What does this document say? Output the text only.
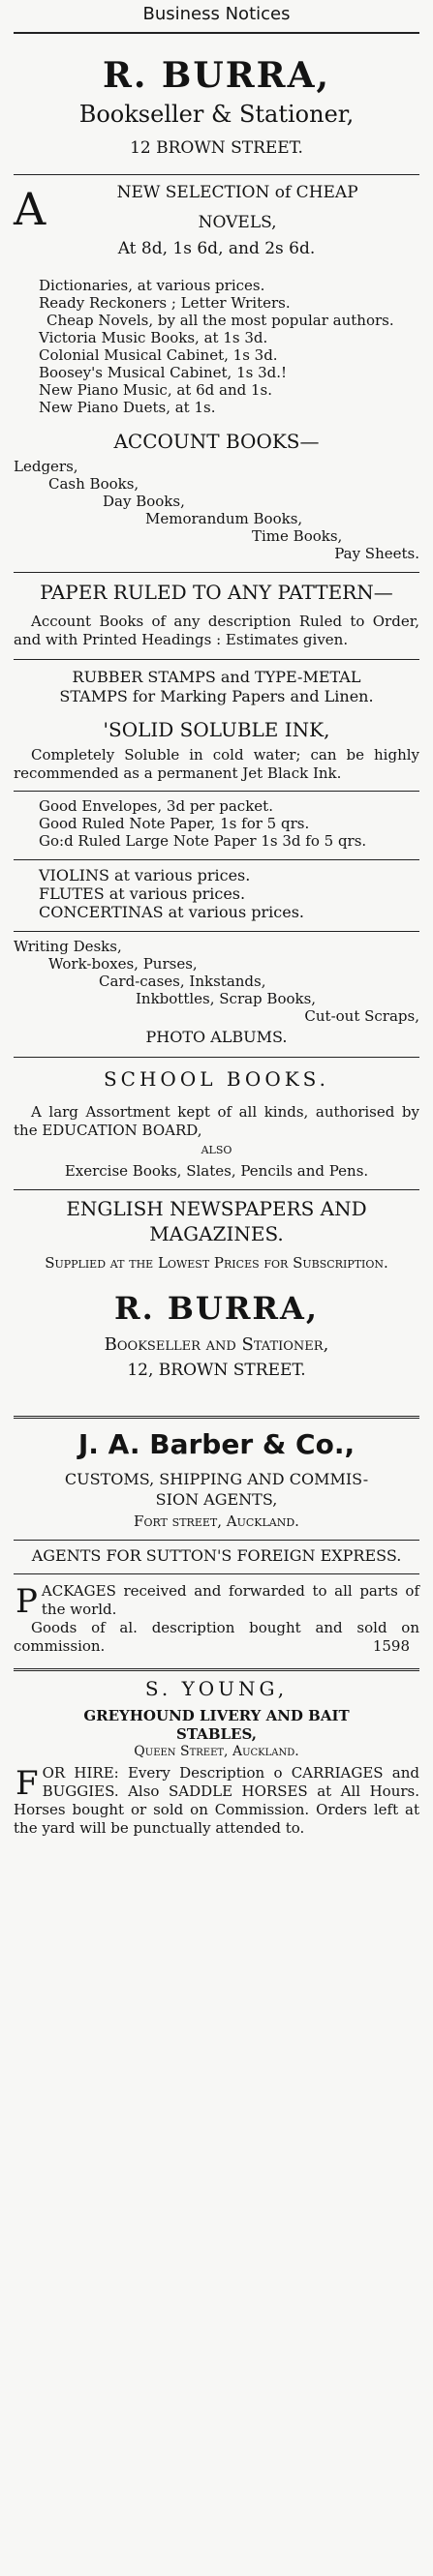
Business Notices
R. BURRA,
Bookseller & Stationer,
12 BROWN STREET.
A	NEW SELECTION of CHEAP
NOVELS,
At 8d, 1s 6d, and 2s 6d.

Dictionaries, at various prices.

Ready Reckoners ; Letter Writers.

Cheap Novels, by all the most popular authors.

Victoria Music Books, at 1s 3d.

Colonial Musical Cabinet, 1s 3d.

Boosey's Musical Cabinet, 1s 3d.!

New Piano Music, at 6d and 1s.

New Piano Duets, at 1s.

ACCOUNT BOOKS—

Ledgers,

Cash Books,

Day Books,

Memorandum Books,

Time Books,

Pay Sheets.

PAPER RULED TO ANY PATTERN—

Account Books of any description Ruled to Order, and with Printed Headings : Estimates given.

RUBBER STAMPS and TYPE-METAL STAMPS for Marking Papers and Linen.

'SOLID SOLUBLE INK,

Completely Soluble in cold water; can be highly recommended as a permanent Jet Black Ink.

Good Envelopes, 3d per packet.

Good Ruled Note Paper, 1s for 5 qrs.

Go:d Ruled Large Note Paper 1s 3d fo 5 qrs.

VIOLINS at various prices.

FLUTES at various prices.

CONCERTINAS at various prices.

Writing Desks,

Work-boxes, Purses,

Card-cases, Inkstands,

Inkbottles, Scrap Books,

Cut-out Scraps,

PHOTO ALBUMS.
SCHOOL BOOKS.

A larg Assortment kept of all kinds, authorised by the EDUCATION BOARD,

ALSO
Exercise Books, Slates, Pencils and Pens.
ENGLISH NEWSPAPERS AND MAGAZINES.

Supplied at the Lowest Prices for Subscription.

R. BURRA,
Bookseller and Stationer,
12, BROWN STREET.
J. A. Barber & Co.,
CUSTOMS, SHIPPING AND COMMIS-
SION AGENTS,
Fort street, Auckland.

AGENTS FOR SUTTON'S FOREIGN EXPRESS.

P ACKAGES received and forwarded to all parts of the world.

Goods of al. description bought and sold on commission.	1598

S. YOUNG,
GREYHOUND LIVERY AND BAIT
STABLES,
Queen Street, Auckland.
F OR HIRE: Every Description o CARRIAGES and BUGGIES. Also SADDLE HORSES at All Hours. Horses bought or sold on Commission. Orders left at the yard will be punctually attended to.
